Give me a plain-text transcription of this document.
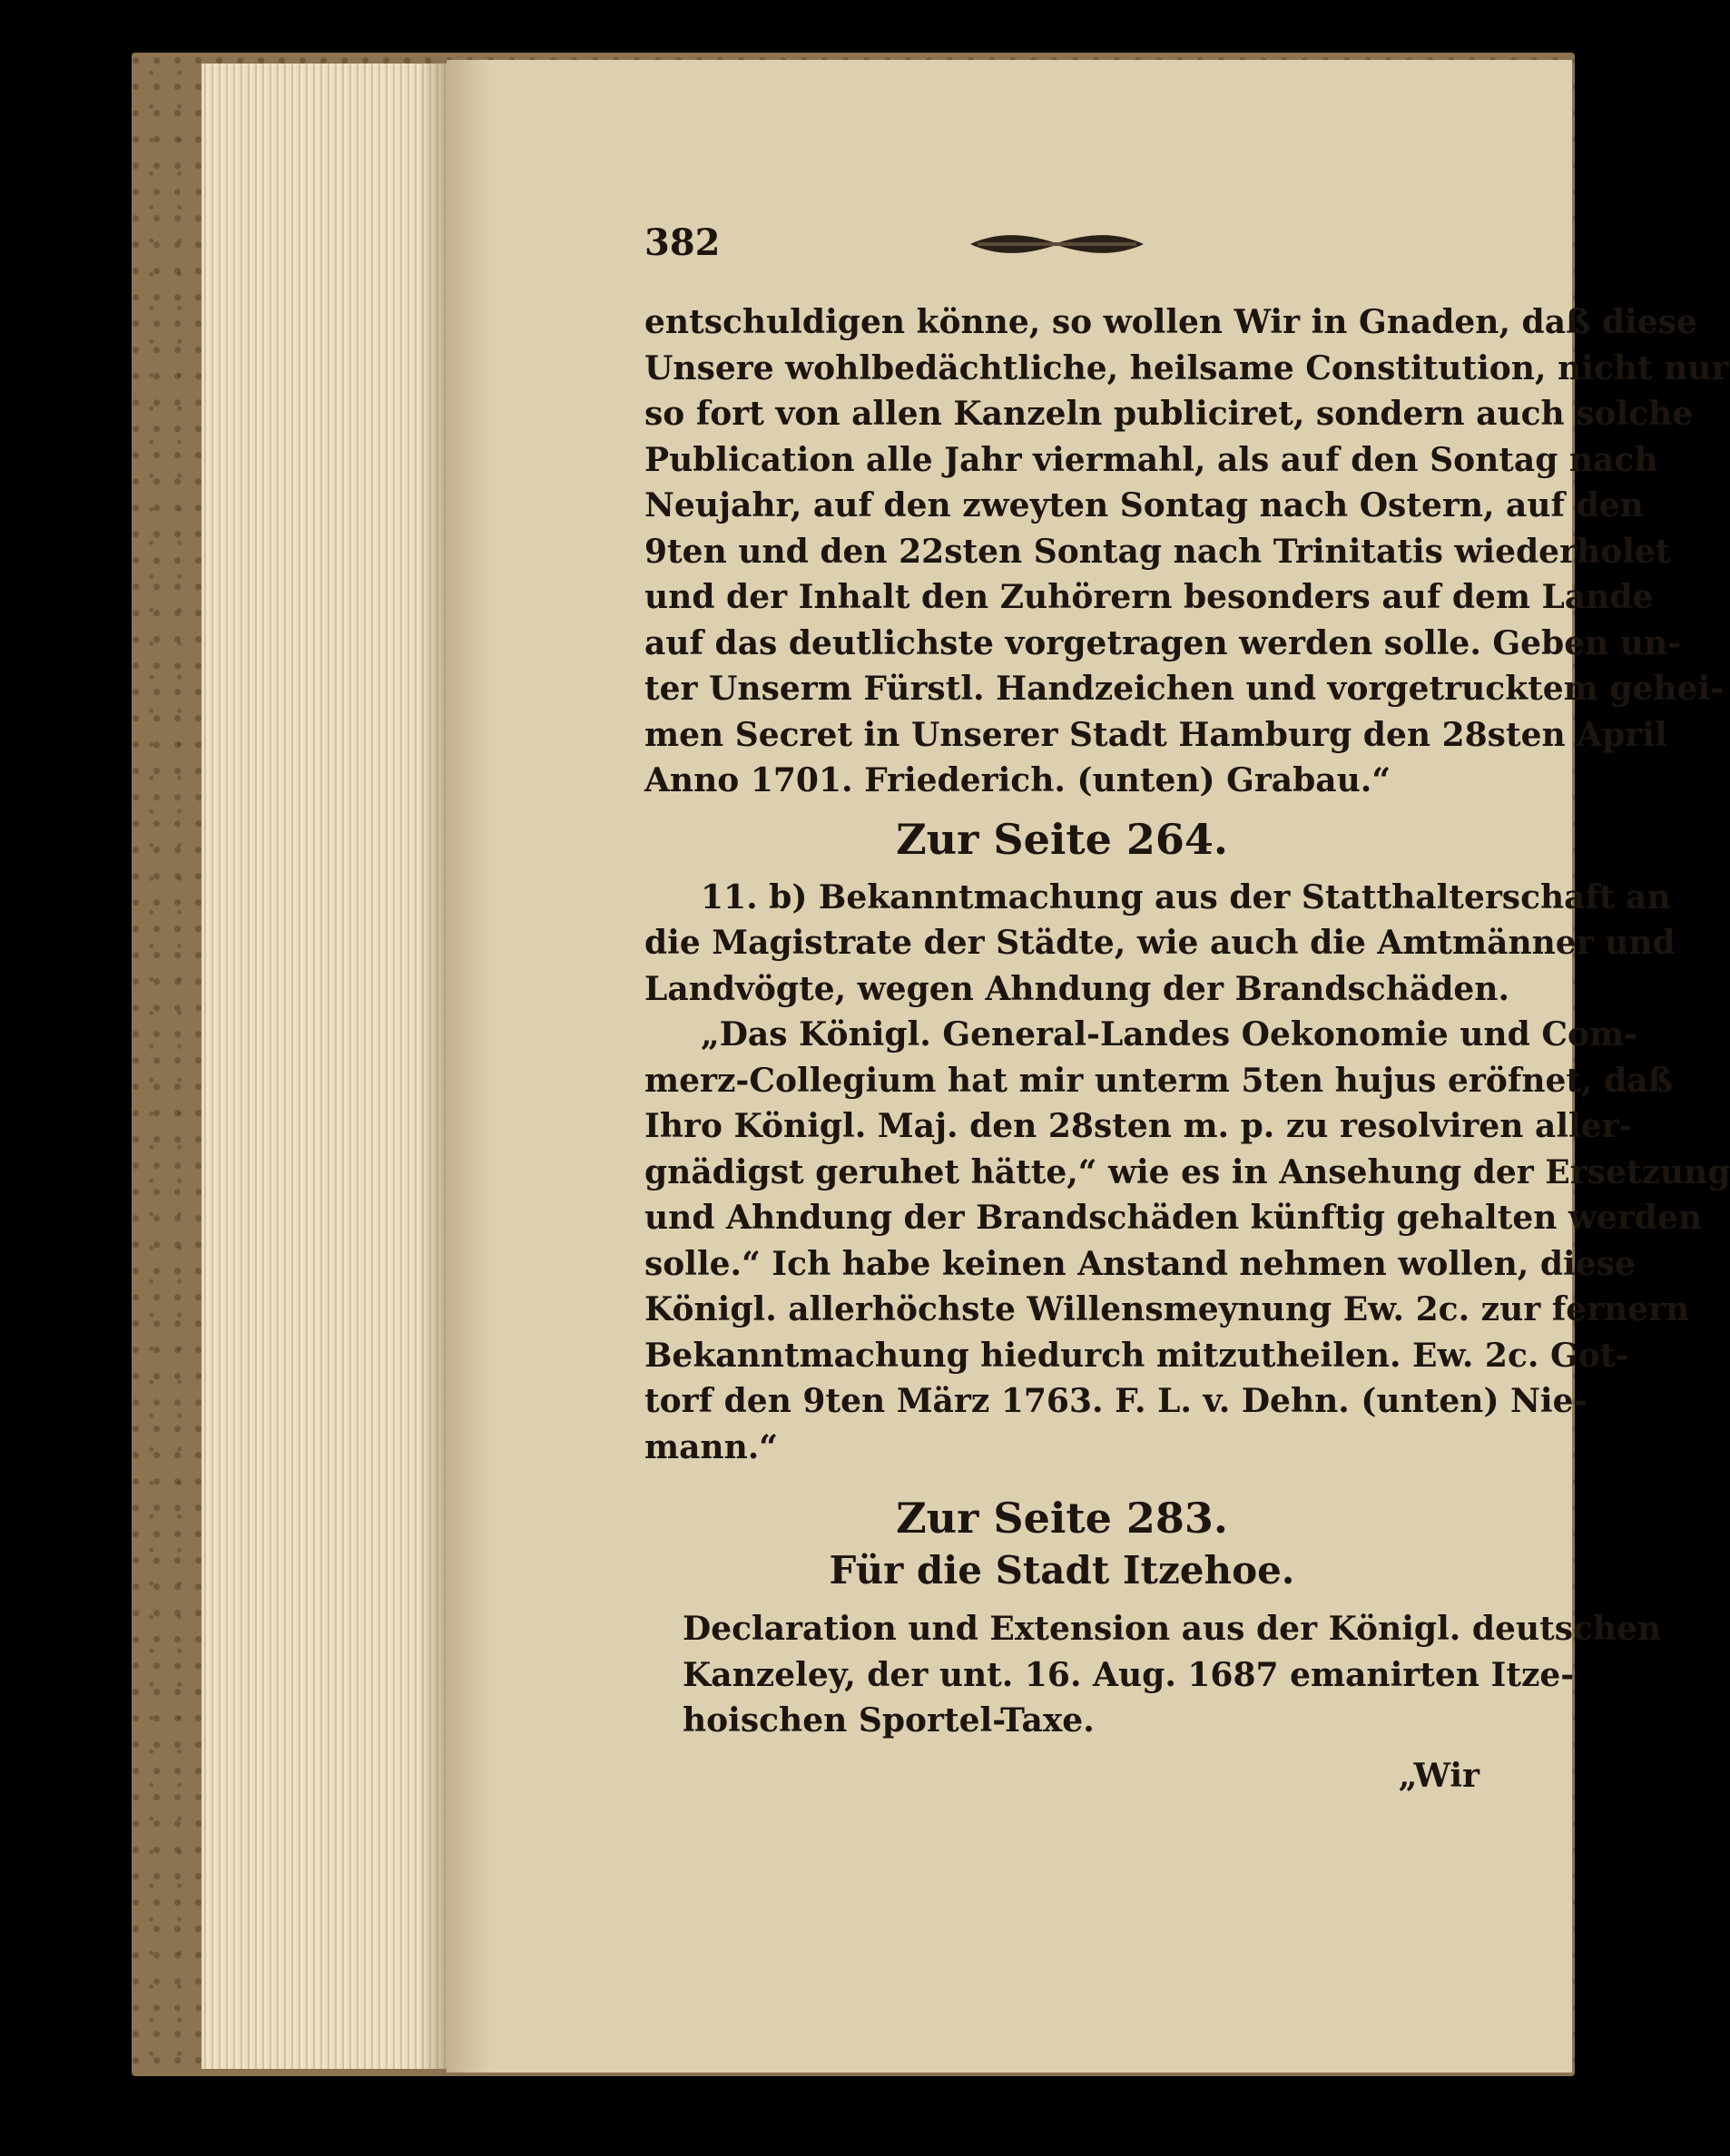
382
entschuldigen könne, so wollen Wir in Gnaden, daß diese
Unsere wohlbedächtliche, heilsame Constitution, nicht nur
so fort von allen Kanzeln publiciret, sondern auch solche
Publication alle Jahr viermahl, als auf den Sontag nach
Neujahr, auf den zweyten Sontag nach Ostern, auf den
9ten und den 22sten Sontag nach Trinitatis wiederholet
und der Inhalt den Zuhörern besonders auf dem Lande
auf das deutlichste vorgetragen werden solle. Geben un-
ter Unserm Fürstl. Handzeichen und vorgetrucktem gehei-
men Secret in Unserer Stadt Hamburg den 28sten April
Anno 1701. Friederich. (unten) Grabau.“
Zur Seite 264.
11. b) Bekanntmachung aus der Statthalterschaft an
die Magistrate der Städte, wie auch die Amtmänner und
Landvögte, wegen Ahndung der Brandschäden.
„Das Königl. General-Landes Oekonomie und Com-
merz-Collegium hat mir unterm 5ten hujus eröfnet, daß
Ihro Königl. Maj. den 28sten m. p. zu resolviren aller-
gnädigst geruhet hätte,“ wie es in Ansehung der Ersetzung
und Ahndung der Brandschäden künftig gehalten werden
solle.“ Ich habe keinen Anstand nehmen wollen, diese
Königl. allerhöchste Willensmeynung Ew. 2c. zur fernern
Bekanntmachung hiedurch mitzutheilen. Ew. 2c. Got-
torf den 9ten März 1763. F. L. v. Dehn. (unten) Nie-
mann.“
Zur Seite 283.
Für die Stadt Itzehoe.
Declaration und Extension aus der Königl. deutschen
Kanzeley, der unt. 16. Aug. 1687 emanirten Itze-
hoischen Sportel-Taxe.
„Wir
